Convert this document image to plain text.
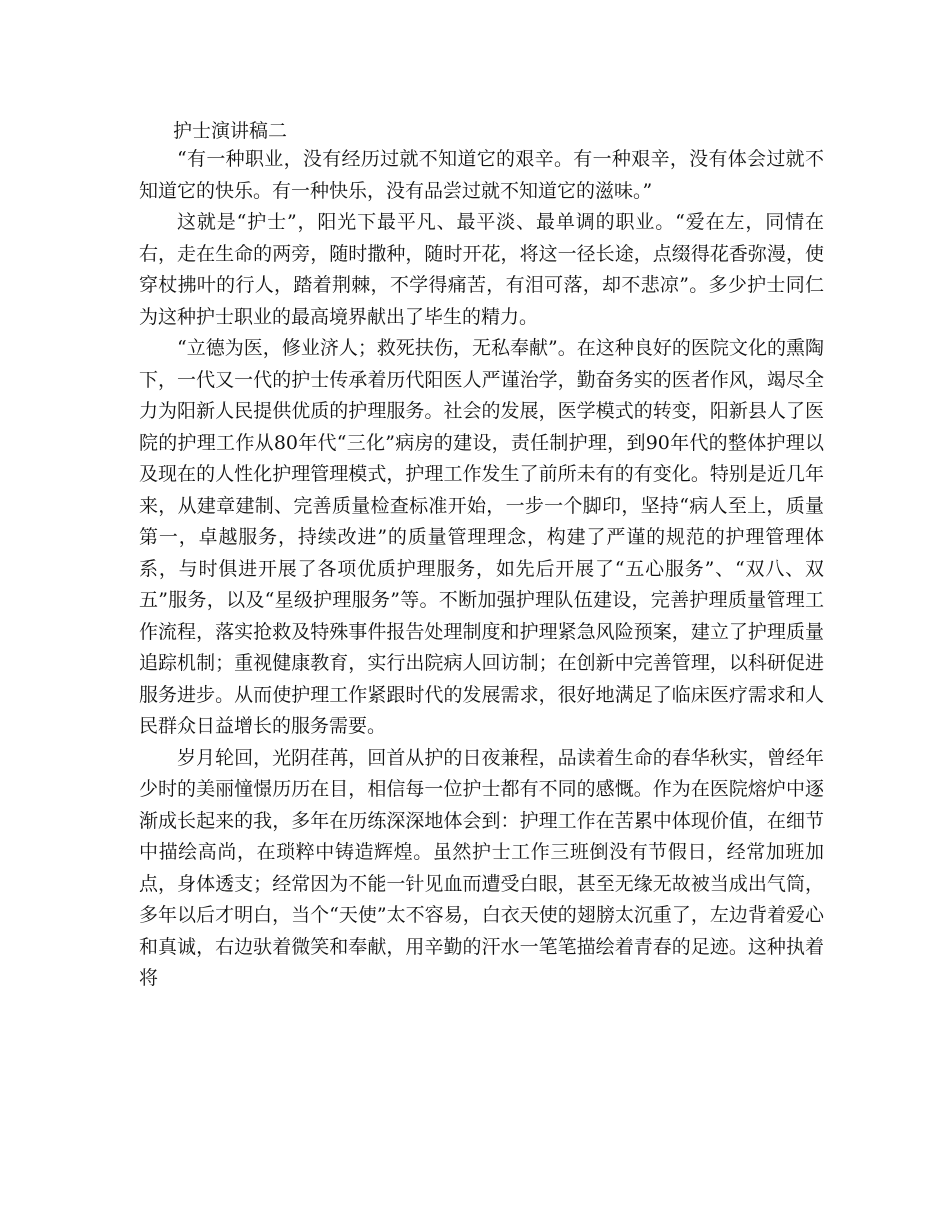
护士演讲稿二

“有一种职业，没有经历过就不知道它的艰辛。有一种艰辛，没有体会过就不知道它的快乐。有一种快乐，没有品尝过就不知道它的滋味。”

这就是“护士”，阳光下最平凡、最平淡、最单调的职业。“爱在左，同情在右，走在生命的两旁，随时撒种，随时开花，将这一径长途，点缀得花香弥漫，使穿杖拂叶的行人，踏着荆棘，不学得痛苦，有泪可落，却不悲凉”。多少护士同仁为这种护士职业的最高境界献出了毕生的精力。

“立德为医，修业济人；救死扶伤，无私奉献”。在这种良好的医院文化的熏陶下，一代又一代的护士传承着历代阳医人严谨治学，勤奋务实的医者作风，竭尽全力为阳新人民提供优质的护理服务。社会的发展，医学模式的转变，阳新县人了医院的护理工作从80年代“三化”病房的建设，责任制护理，到90年代的整体护理以及现在的人性化护理管理模式，护理工作发生了前所未有的有变化。特别是近几年来，从建章建制、完善质量检查标准开始，一步一个脚印，坚持“病人至上，质量第一，卓越服务，持续改进”的质量管理理念，构建了严谨的规范的护理管理体系，与时俱进开展了各项优质护理服务，如先后开展了“五心服务”、“双八、双五”服务，以及“星级护理服务”等。不断加强护理队伍建设，完善护理质量管理工作流程，落实抢救及特殊事件报告处理制度和护理紧急风险预案，建立了护理质量追踪机制；重视健康教育，实行出院病人回访制；在创新中完善管理，以科研促进服务进步。从而使护理工作紧跟时代的发展需求，很好地满足了临床医疗需求和人民群众日益增长的服务需要。

岁月轮回，光阴荏苒，回首从护的日夜兼程，品读着生命的春华秋实，曾经年少时的美丽憧憬历历在目，相信每一位护士都有不同的感慨。作为在医院熔炉中逐渐成长起来的我，多年在历练深深地体会到：护理工作在苦累中体现价值，在细节中描绘高尚，在琐粹中铸造辉煌。虽然护士工作三班倒没有节假日，经常加班加点，身体透支；经常因为不能一针见血而遭受白眼，甚至无缘无故被当成出气筒，多年以后才明白，当个“天使”太不容易，白衣天使的翅膀太沉重了，左边背着爱心和真诚，右边驮着微笑和奉献，用辛勤的汗水一笔笔描绘着青春的足迹。这种执着将
